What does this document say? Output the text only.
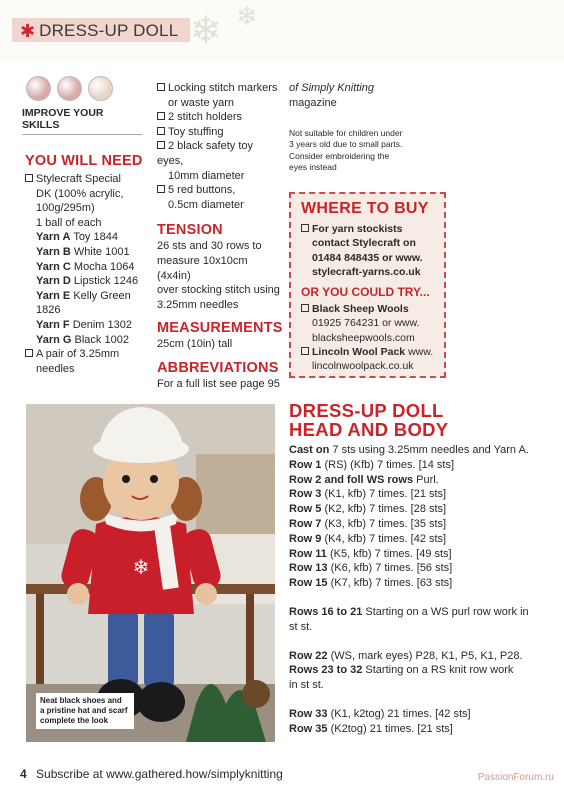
❄ ❄
✱ DRESS-UP DOLL
IMPROVE YOUR SKILLS
YOU WILL NEED
Stylecraft Special
DK (100% acrylic,
100g/295m)
1 ball of each
Yarn A Toy 1844
Yarn B White 1001
Yarn C Mocha 1064
Yarn D Lipstick 1246
Yarn E Kelly Green
1826
Yarn F Denim 1302
Yarn G Black 1002
A pair of 3.25mm
needles
Locking stitch markers
or waste yarn
2 stitch holders
Toy stuffing
2 black safety toy eyes,
10mm diameter
5 red buttons,
0.5cm diameter
TENSION
26 sts and 30 rows to
measure 10x10cm (4x4in)
over stocking stitch using
3.25mm needles
MEASUREMENTS
25cm (10in) tall
ABBREVIATIONS
For a full list see page 95
of Simply Knitting
magazine
Not suitable for children under
3 years old due to small parts.
Consider embroidering the
eyes instead
WHERE TO BUY
For yarn stockists
contact Stylecraft on
01484 848435 or www.
stylecraft-yarns.co.uk
OR YOU COULD TRY...
Black Sheep Wools
01925 764231 or www.
blacksheepwools.com
Lincoln Wool Pack www.
lincolnwoolpack.co.uk
❄
Neat black shoes and
a pristine hat and scarf
complete the look
DRESS-UP DOLL
HEAD AND BODY
Cast on 7 sts using 3.25mm needles and Yarn A.
Row 1 (RS) (Kfb) 7 times. [14 sts]
Row 2 and foll WS rows Purl.
Row 3 (K1, kfb) 7 times. [21 sts]
Row 5 (K2, kfb) 7 times. [28 sts]
Row 7 (K3, kfb) 7 times. [35 sts]
Row 9 (K4, kfb) 7 times. [42 sts]
Row 11 (K5, kfb) 7 times. [49 sts]
Row 13 (K6, kfb) 7 times. [56 sts]
Row 15 (K7, kfb) 7 times. [63 sts]
Rows 16 to 21 Starting on a WS purl row work in
st st.
Row 22 (WS, mark eyes) P28, K1, P5, K1, P28.
Rows 23 to 32 Starting on a RS knit row work
in st st.
Row 33 (K1, k2tog) 21 times. [42 sts]
Row 35 (K2tog) 21 times. [21 sts]
4 Subscribe at www.gathered.how/simplyknitting	PassionForum.ru
